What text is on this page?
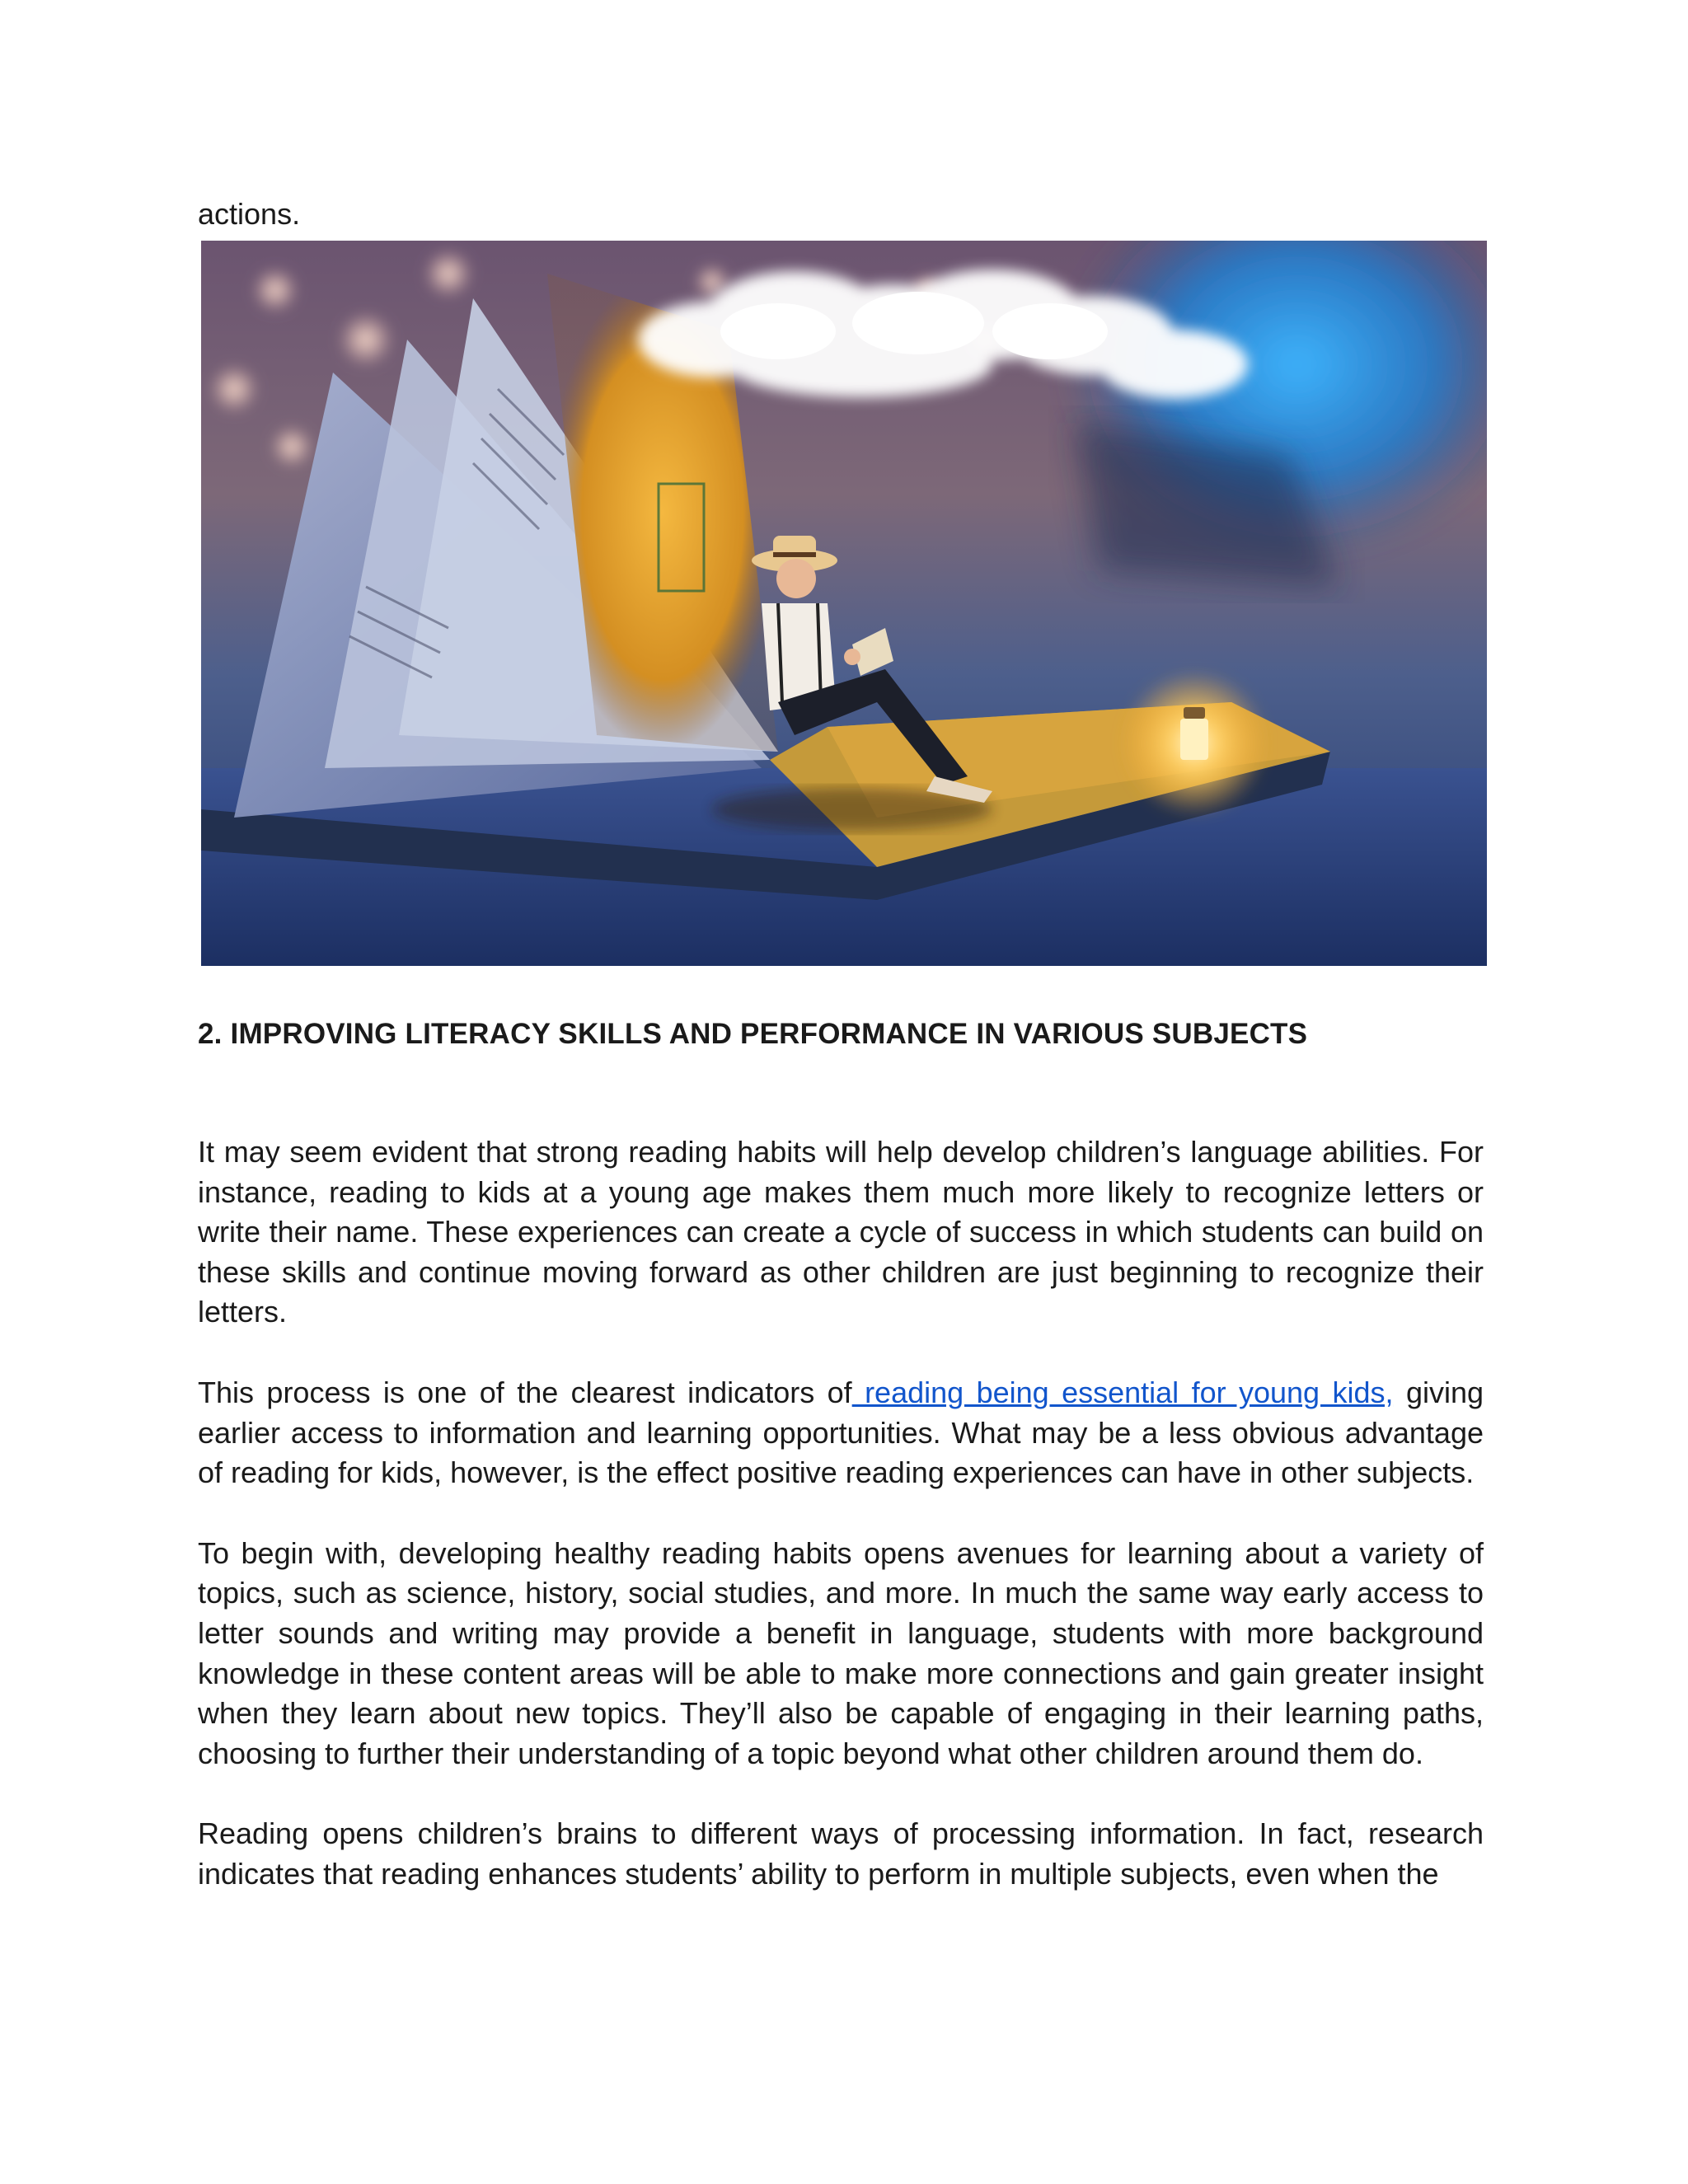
actions.

2. IMPROVING LITERACY SKILLS AND PERFORMANCE IN VARIOUS SUBJECTS

It may seem evident that strong reading habits will help develop children’s language abilities. For instance, reading to kids at a young age makes them much more likely to recognize letters or write their name. These experiences can create a cycle of success in which students can build on these skills and continue moving forward as other children are just beginning to recognize their letters.

This process is one of the clearest indicators of reading being essential for young kids, giving earlier access to information and learning opportunities. What may be a less obvious advantage of reading for kids, however, is the effect positive reading experiences can have in other subjects.

To begin with, developing healthy reading habits opens avenues for learning about a variety of topics, such as science, history, social studies, and more. In much the same way early access to letter sounds and writing may provide a benefit in language, students with more background knowledge in these content areas will be able to make more connections and gain greater insight when they learn about new topics. They’ll also be capable of engaging in their learning paths, choosing to further their understanding of a topic beyond what other children around them do.

Reading opens children’s brains to different ways of processing information. In fact, research indicates that reading enhances students’ ability to perform in multiple subjects, even when the
